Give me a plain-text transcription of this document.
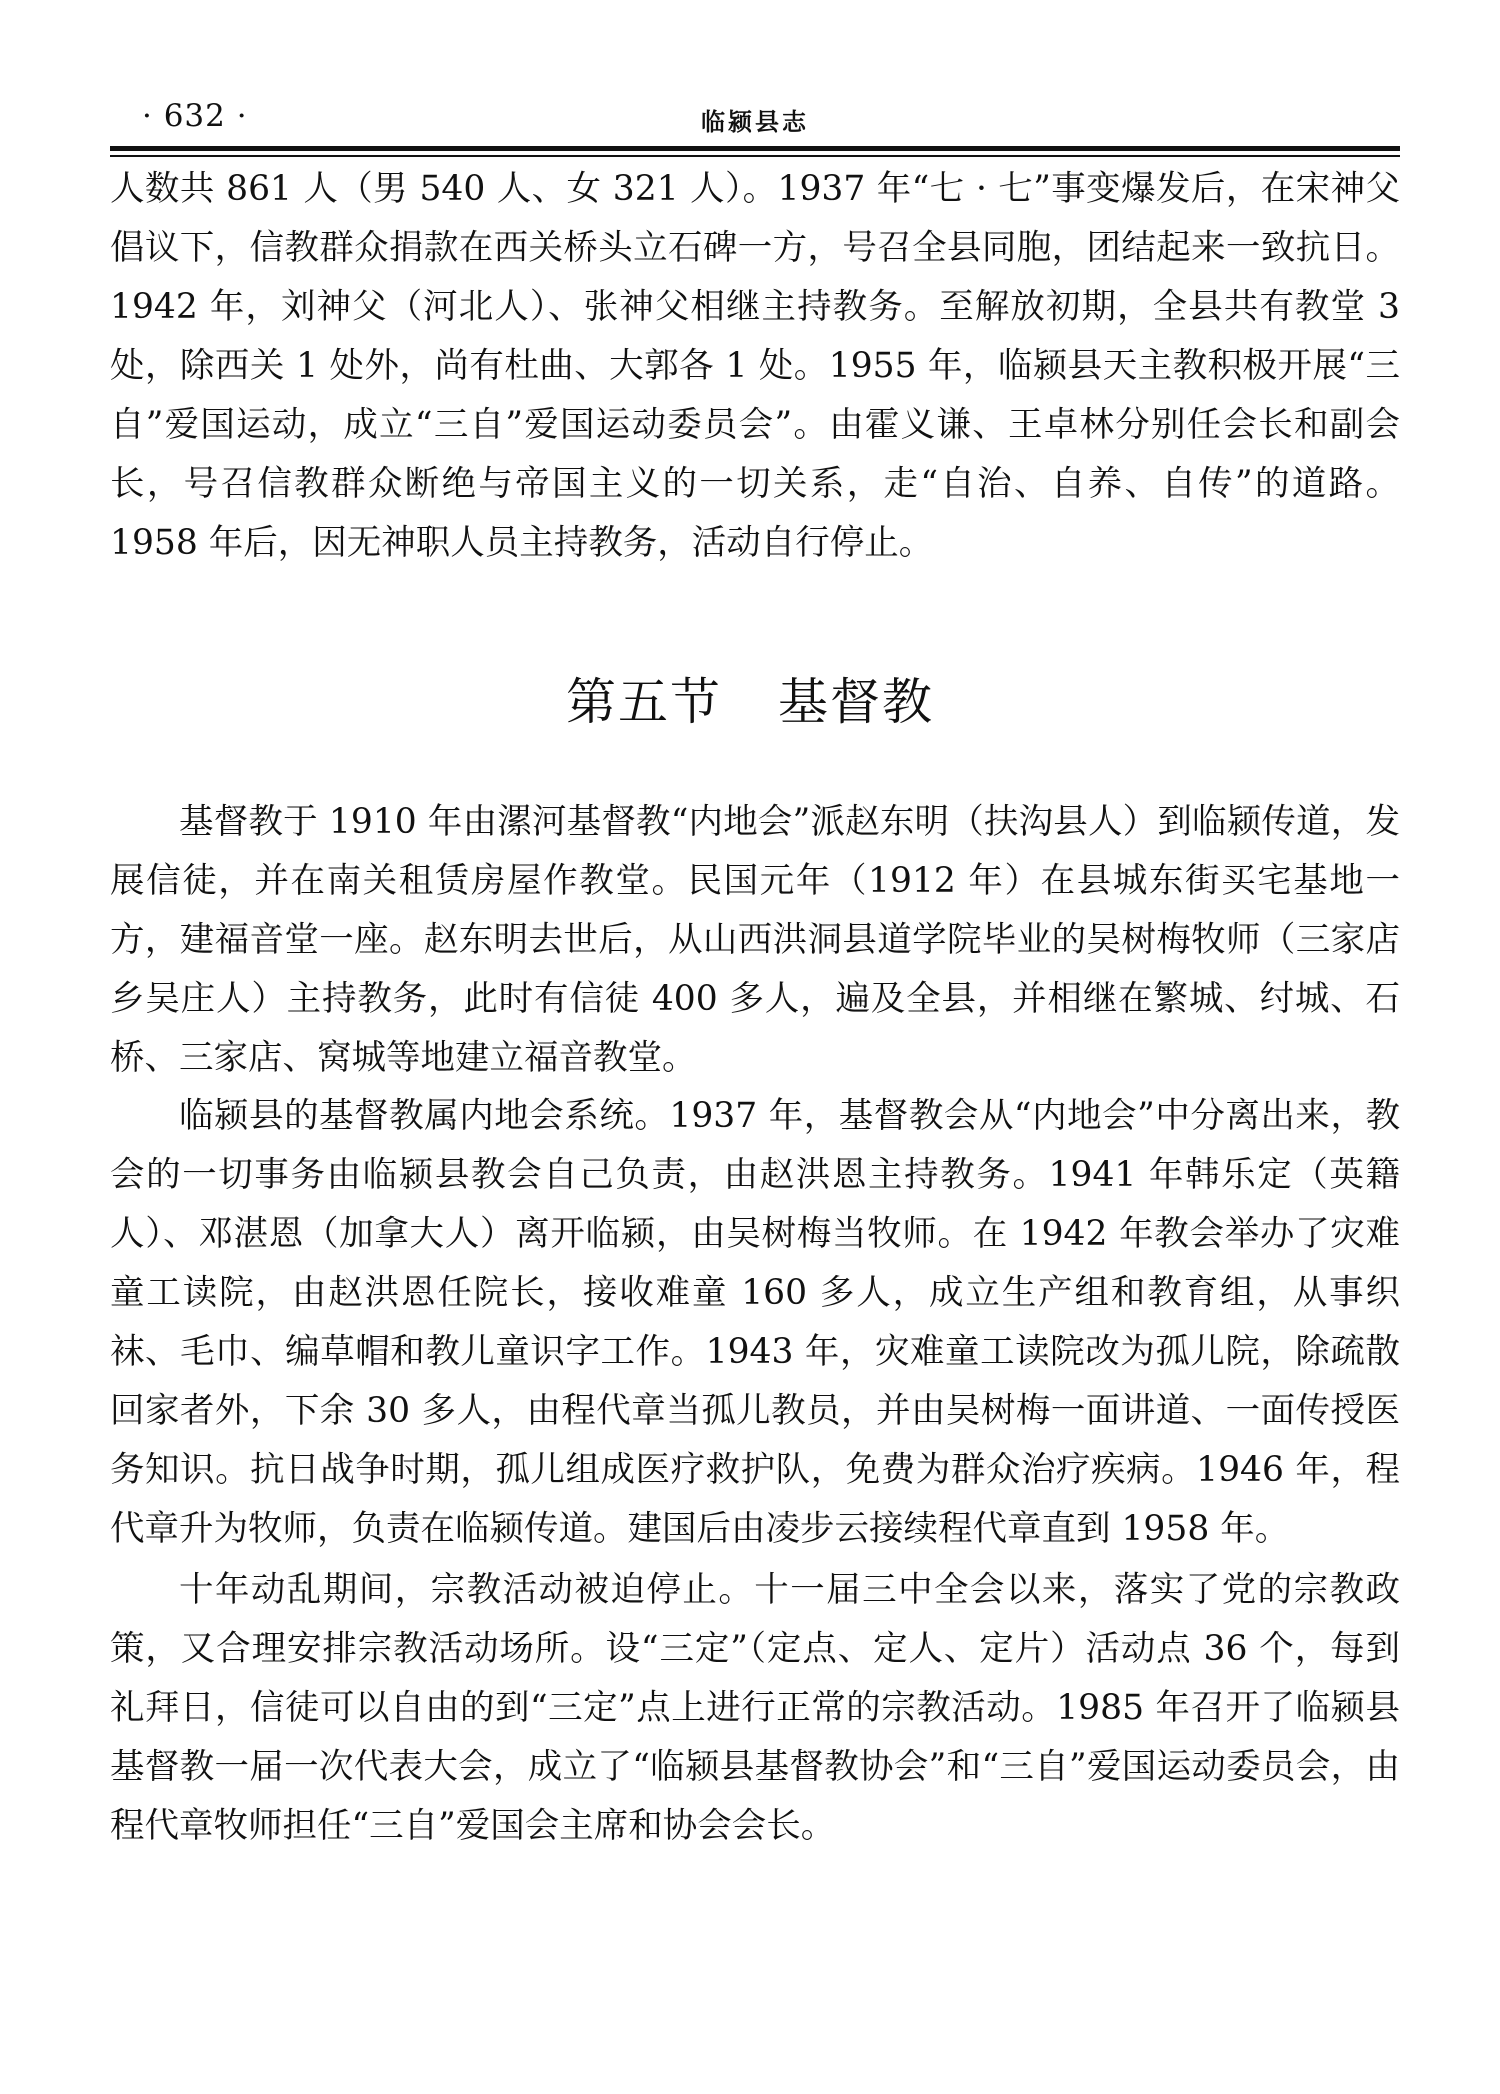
· 632 ·	临颍县志

人数共 861 人（男 540 人、女 321 人）。1937 年“七 · 七”事变爆发后，在宋神父倡议下，信教群众捐款在西关桥头立石碑一方，号召全县同胞，团结起来一致抗日。1942 年，刘神父（河北人）、张神父相继主持教务。至解放初期，全县共有教堂 3 处，除西关 1 处外，尚有杜曲、大郭各 1 处。1955 年，临颍县天主教积极开展“三自”爱国运动，成立“三自”爱国运动委员会”。由霍义谦、王卓林分别任会长和副会长，号召信教群众断绝与帝国主义的一切关系，走“自治、自养、自传”的道路。1958 年后，因无神职人员主持教务，活动自行停止。

第五节 基督教

基督教于 1910 年由漯河基督教“内地会”派赵东明（扶沟县人）到临颍传道，发展信徒，并在南关租赁房屋作教堂。民国元年（1912 年）在县城东街买宅基地一方，建福音堂一座。赵东明去世后，从山西洪洞县道学院毕业的吴树梅牧师（三家店乡吴庄人）主持教务，此时有信徒 400 多人，遍及全县，并相继在繁城、纣城、石桥、三家店、窝城等地建立福音教堂。

临颍县的基督教属内地会系统。1937 年，基督教会从“内地会”中分离出来，教会的一切事务由临颍县教会自己负责，由赵洪恩主持教务。1941 年韩乐定（英籍人）、邓湛恩（加拿大人）离开临颍，由吴树梅当牧师。在 1942 年教会举办了灾难童工读院，由赵洪恩任院长，接收难童 160 多人，成立生产组和教育组，从事织袜、毛巾、编草帽和教儿童识字工作。1943 年，灾难童工读院改为孤儿院，除疏散回家者外，下余 30 多人，由程代章当孤儿教员，并由吴树梅一面讲道、一面传授医务知识。抗日战争时期，孤儿组成医疗救护队，免费为群众治疗疾病。1946 年，程代章升为牧师，负责在临颍传道。建国后由凌步云接续程代章直到 1958 年。

十年动乱期间，宗教活动被迫停止。十一届三中全会以来，落实了党的宗教政策，又合理安排宗教活动场所。设“三定”（定点、定人、定片）活动点 36 个，每到礼拜日，信徒可以自由的到“三定”点上进行正常的宗教活动。1985 年召开了临颍县基督教一届一次代表大会，成立了“临颍县基督教协会”和“三自”爱国运动委员会，由程代章牧师担任“三自”爱国会主席和协会会长。
